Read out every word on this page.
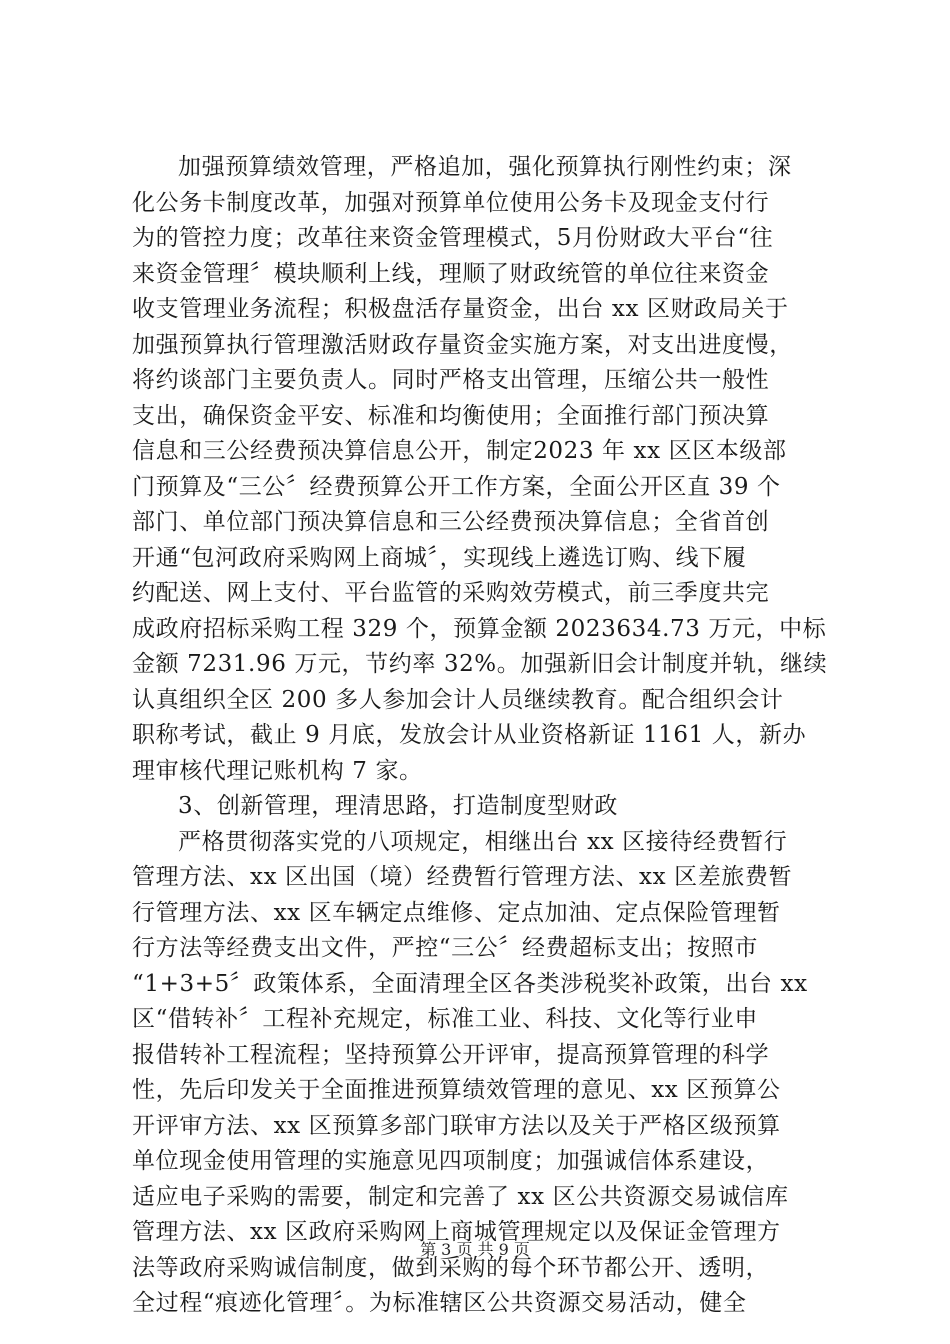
加强预算绩效管理，严格追加，强化预算执行刚性约束；深
化公务卡制度改革，加强对预算单位使用公务卡及现金支付行
为的管控力度；改革往来资金管理模式，5月份财政大平台“往
来资金管理〞模块顺利上线，理顺了财政统管的单位往来资金
收支管理业务流程；积极盘活存量资金，出台 xx 区财政局关于
加强预算执行管理激活财政存量资金实施方案，对支出进度慢，
将约谈部门主要负责人。同时严格支出管理，压缩公共一般性
支出，确保资金平安、标准和均衡使用；全面推行部门预决算
信息和三公经费预决算信息公开，制定2023 年 xx 区区本级部
门预算及“三公〞经费预算公开工作方案，全面公开区直 39 个
部门、单位部门预决算信息和三公经费预决算信息；全省首创
开通“包河政府采购网上商城〞，实现线上遴选订购、线下履
约配送、网上支付、平台监管的采购效劳模式，前三季度共完
成政府招标采购工程 329 个，预算金额 2023634.73 万元，中标
金额 7231.96 万元，节约率 32%。加强新旧会计制度并轨，继续
认真组织全区 200 多人参加会计人员继续教育。配合组织会计
职称考试，截止 9 月底，发放会计从业资格新证 1161 人，新办
理审核代理记账机构 7 家。
3、创新管理，理清思路，打造制度型财政
严格贯彻落实党的八项规定，相继出台 xx 区接待经费暂行
管理方法、xx 区出国（境）经费暂行管理方法、xx 区差旅费暂
行管理方法、xx 区车辆定点维修、定点加油、定点保险管理暂
行方法等经费支出文件，严控“三公〞经费超标支出；按照市
“1+3+5〞政策体系，全面清理全区各类涉税奖补政策，出台 xx
区“借转补〞工程补充规定，标准工业、科技、文化等行业申
报借转补工程流程；坚持预算公开评审，提高预算管理的科学
性，先后印发关于全面推进预算绩效管理的意见、xx 区预算公
开评审方法、xx 区预算多部门联审方法以及关于严格区级预算
单位现金使用管理的实施意见四项制度；加强诚信体系建设，
适应电子采购的需要，制定和完善了 xx 区公共资源交易诚信库
管理方法、xx 区政府采购网上商城管理规定以及保证金管理方
法等政府采购诚信制度，做到采购的每个环节都公开、透明，
全过程“痕迹化管理〞。为标准辖区公共资源交易活动，健全
第 3 页 共 9 页
